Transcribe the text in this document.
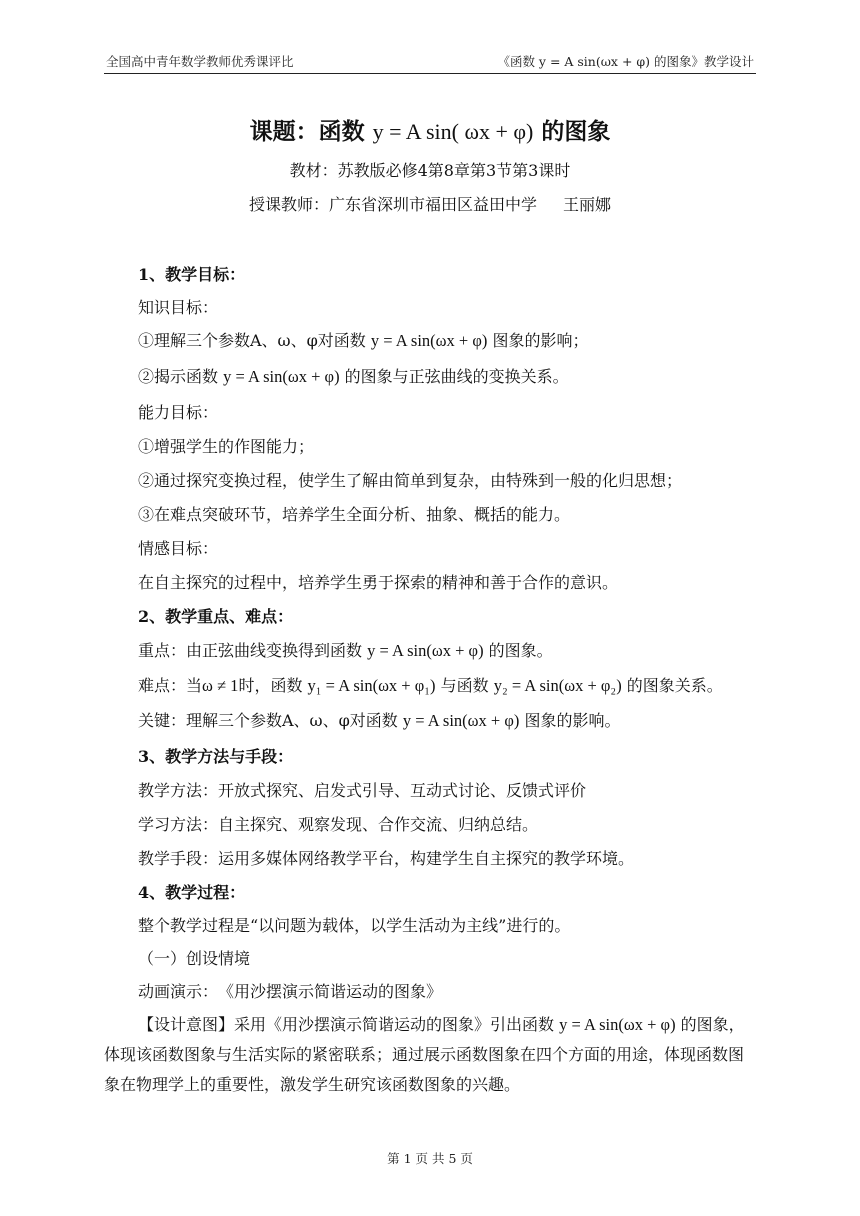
全国高中青年数学教师优秀课评比	《函数 y = A sin(ωx + φ) 的图象》教学设计
课题：函数 y = A sin( ωx + φ) 的图象
教材：苏教版必修4第8章第3节第3课时
授课教师：广东省深圳市福田区益田中学 王丽娜
1、教学目标：
知识目标：
①理解三个参数A、ω、φ对函数 y = A sin(ωx + φ) 图象的影响；
②揭示函数 y = A sin(ωx + φ) 的图象与正弦曲线的变换关系。
能力目标：
①增强学生的作图能力；
②通过探究变换过程，使学生了解由简单到复杂，由特殊到一般的化归思想；
③在难点突破环节，培养学生全面分析、抽象、概括的能力。
情感目标：
在自主探究的过程中，培养学生勇于探索的精神和善于合作的意识。
2、教学重点、难点：
重点：由正弦曲线变换得到函数 y = A sin(ωx + φ) 的图象。
难点：当ω ≠ 1时，函数 y₁ = A sin(ωx + φ₁) 与函数 y₂ = A sin(ωx + φ₂) 的图象关系。
关键：理解三个参数A、ω、φ对函数 y = A sin(ωx + φ) 图象的影响。
3、教学方法与手段：
教学方法：开放式探究、启发式引导、互动式讨论、反馈式评价
学习方法：自主探究、观察发现、合作交流、归纳总结。
教学手段：运用多媒体网络教学平台，构建学生自主探究的教学环境。
4、教学过程：
整个教学过程是“以问题为载体，以学生活动为主线”进行的。
（一）创设情境
动画演示：　《用沙摆演示简谐运动的图象》
【设计意图】采用《用沙摆演示简谐运动的图象》引出函数 y = A sin(ωx + φ) 的图象，体现该函数图象与生活实际的紧密联系；通过展示函数图象在四个方面的用途，体现函数图象在物理学上的重要性，激发学生研究该函数图象的兴趣。
第 1 页 共 5 页
